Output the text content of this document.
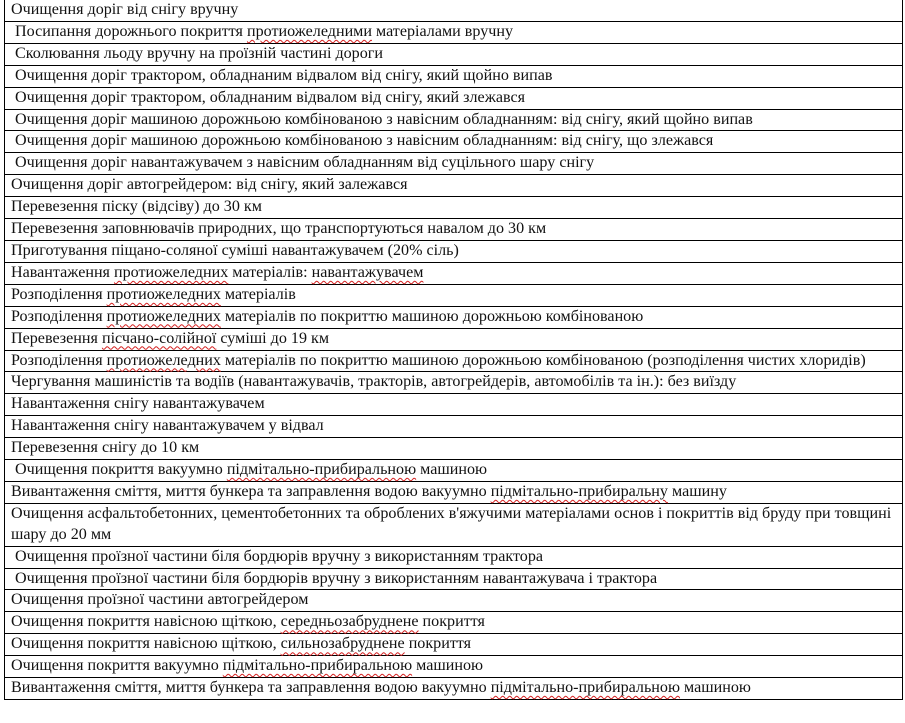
Очищення доріг від снігу вручну
Посипання дорожнього покриття протиожеледними матеріалами вручну
Сколювання льоду вручну на проїзній частині дороги
Очищення доріг трактором, обладнаним відвалом від снігу, який щойно випав
Очищення доріг трактором, обладнаним відвалом від снігу, який злежався
Очищення доріг машиною дорожньою комбінованою з навісним обладнанням: від снігу, який щойно випав
Очищення доріг машиною дорожньою комбінованою з навісним обладнанням: від снігу, що злежався
Очищення доріг навантажувачем з навісним обладнанням від суцільного шару снігу
Очищення доріг автогрейдером: від снігу, який залежався
Перевезення піску (відсіву) до 30 км
Перевезення заповнювачів природних, що транспортуються навалом до 30 км
Приготування піщано-соляної суміші навантажувачем (20% сіль)
Навантаження протиожеледних матеріалів: навантажувачем
Розподілення протиожеледних матеріалів
Розподілення протиожеледних матеріалів по покриттю машиною дорожньою комбінованою
Перевезення пісчано-солійної суміші до 19 км
Розподілення протиожеледних матеріалів по покриттю машиною дорожньою комбінованою (розподілення чистих хлоридів)
Чергування машиністів та водіїв (навантажувачів, тракторів, автогрейдерів, автомобілів та ін.): без виїзду
Навантаження снігу навантажувачем
Навантаження снігу навантажувачем у відвал
Перевезення снігу до 10 км
Очищення покриття вакуумно підмітально-прибиральною машиною
Вивантаження сміття, миття бункера та заправлення водою вакуумно підмітально-прибиральну машину
Очищення асфальтобетонних, цементобетонних та оброблених в'яжучими матеріалами основ і покриттів від бруду при товщині шару до 20 мм
Очищення проїзної частини біля бордюрів вручну з використанням трактора
Очищення проїзної частини біля бордюрів вручну з використанням навантажувача і трактора
Очищення проїзної частини автогрейдером
Очищення покриття навісною щіткою, середньозабруднене покриття
Очищення покриття навісною щіткою, сильнозабруднене покриття
Очищення покриття вакуумно підмітально-прибиральною машиною
Вивантаження сміття, миття бункера та заправлення водою вакуумно підмітально-прибиральною машиною
